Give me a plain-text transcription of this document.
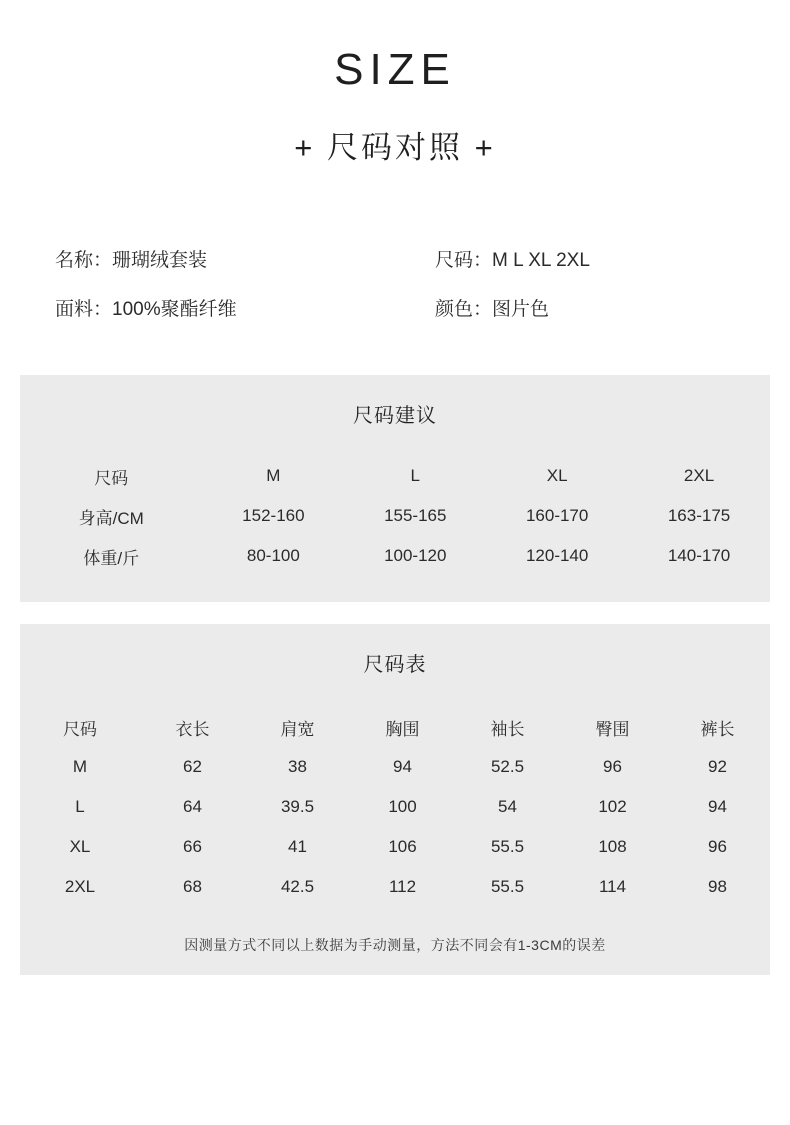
SIZE
+ 尺码对照 +
名称：珊瑚绒套装	尺码：M L XL 2XL
面料：100%聚酯纤维	颜色：图片色
尺码建议
尺码	M	L	XL	2XL
身高/CM	152-160	155-165	160-170	163-175
体重/斤	80-100	100-120	120-140	140-170
尺码表
尺码	衣长	肩宽	胸围	袖长	臀围	裤长
M	62	38	94	52.5	96	92
L	64	39.5	100	54	102	94
XL	66	41	106	55.5	108	96
2XL	68	42.5	112	55.5	114	98
因测量方式不同以上数据为手动测量，方法不同会有1-3CM的误差
